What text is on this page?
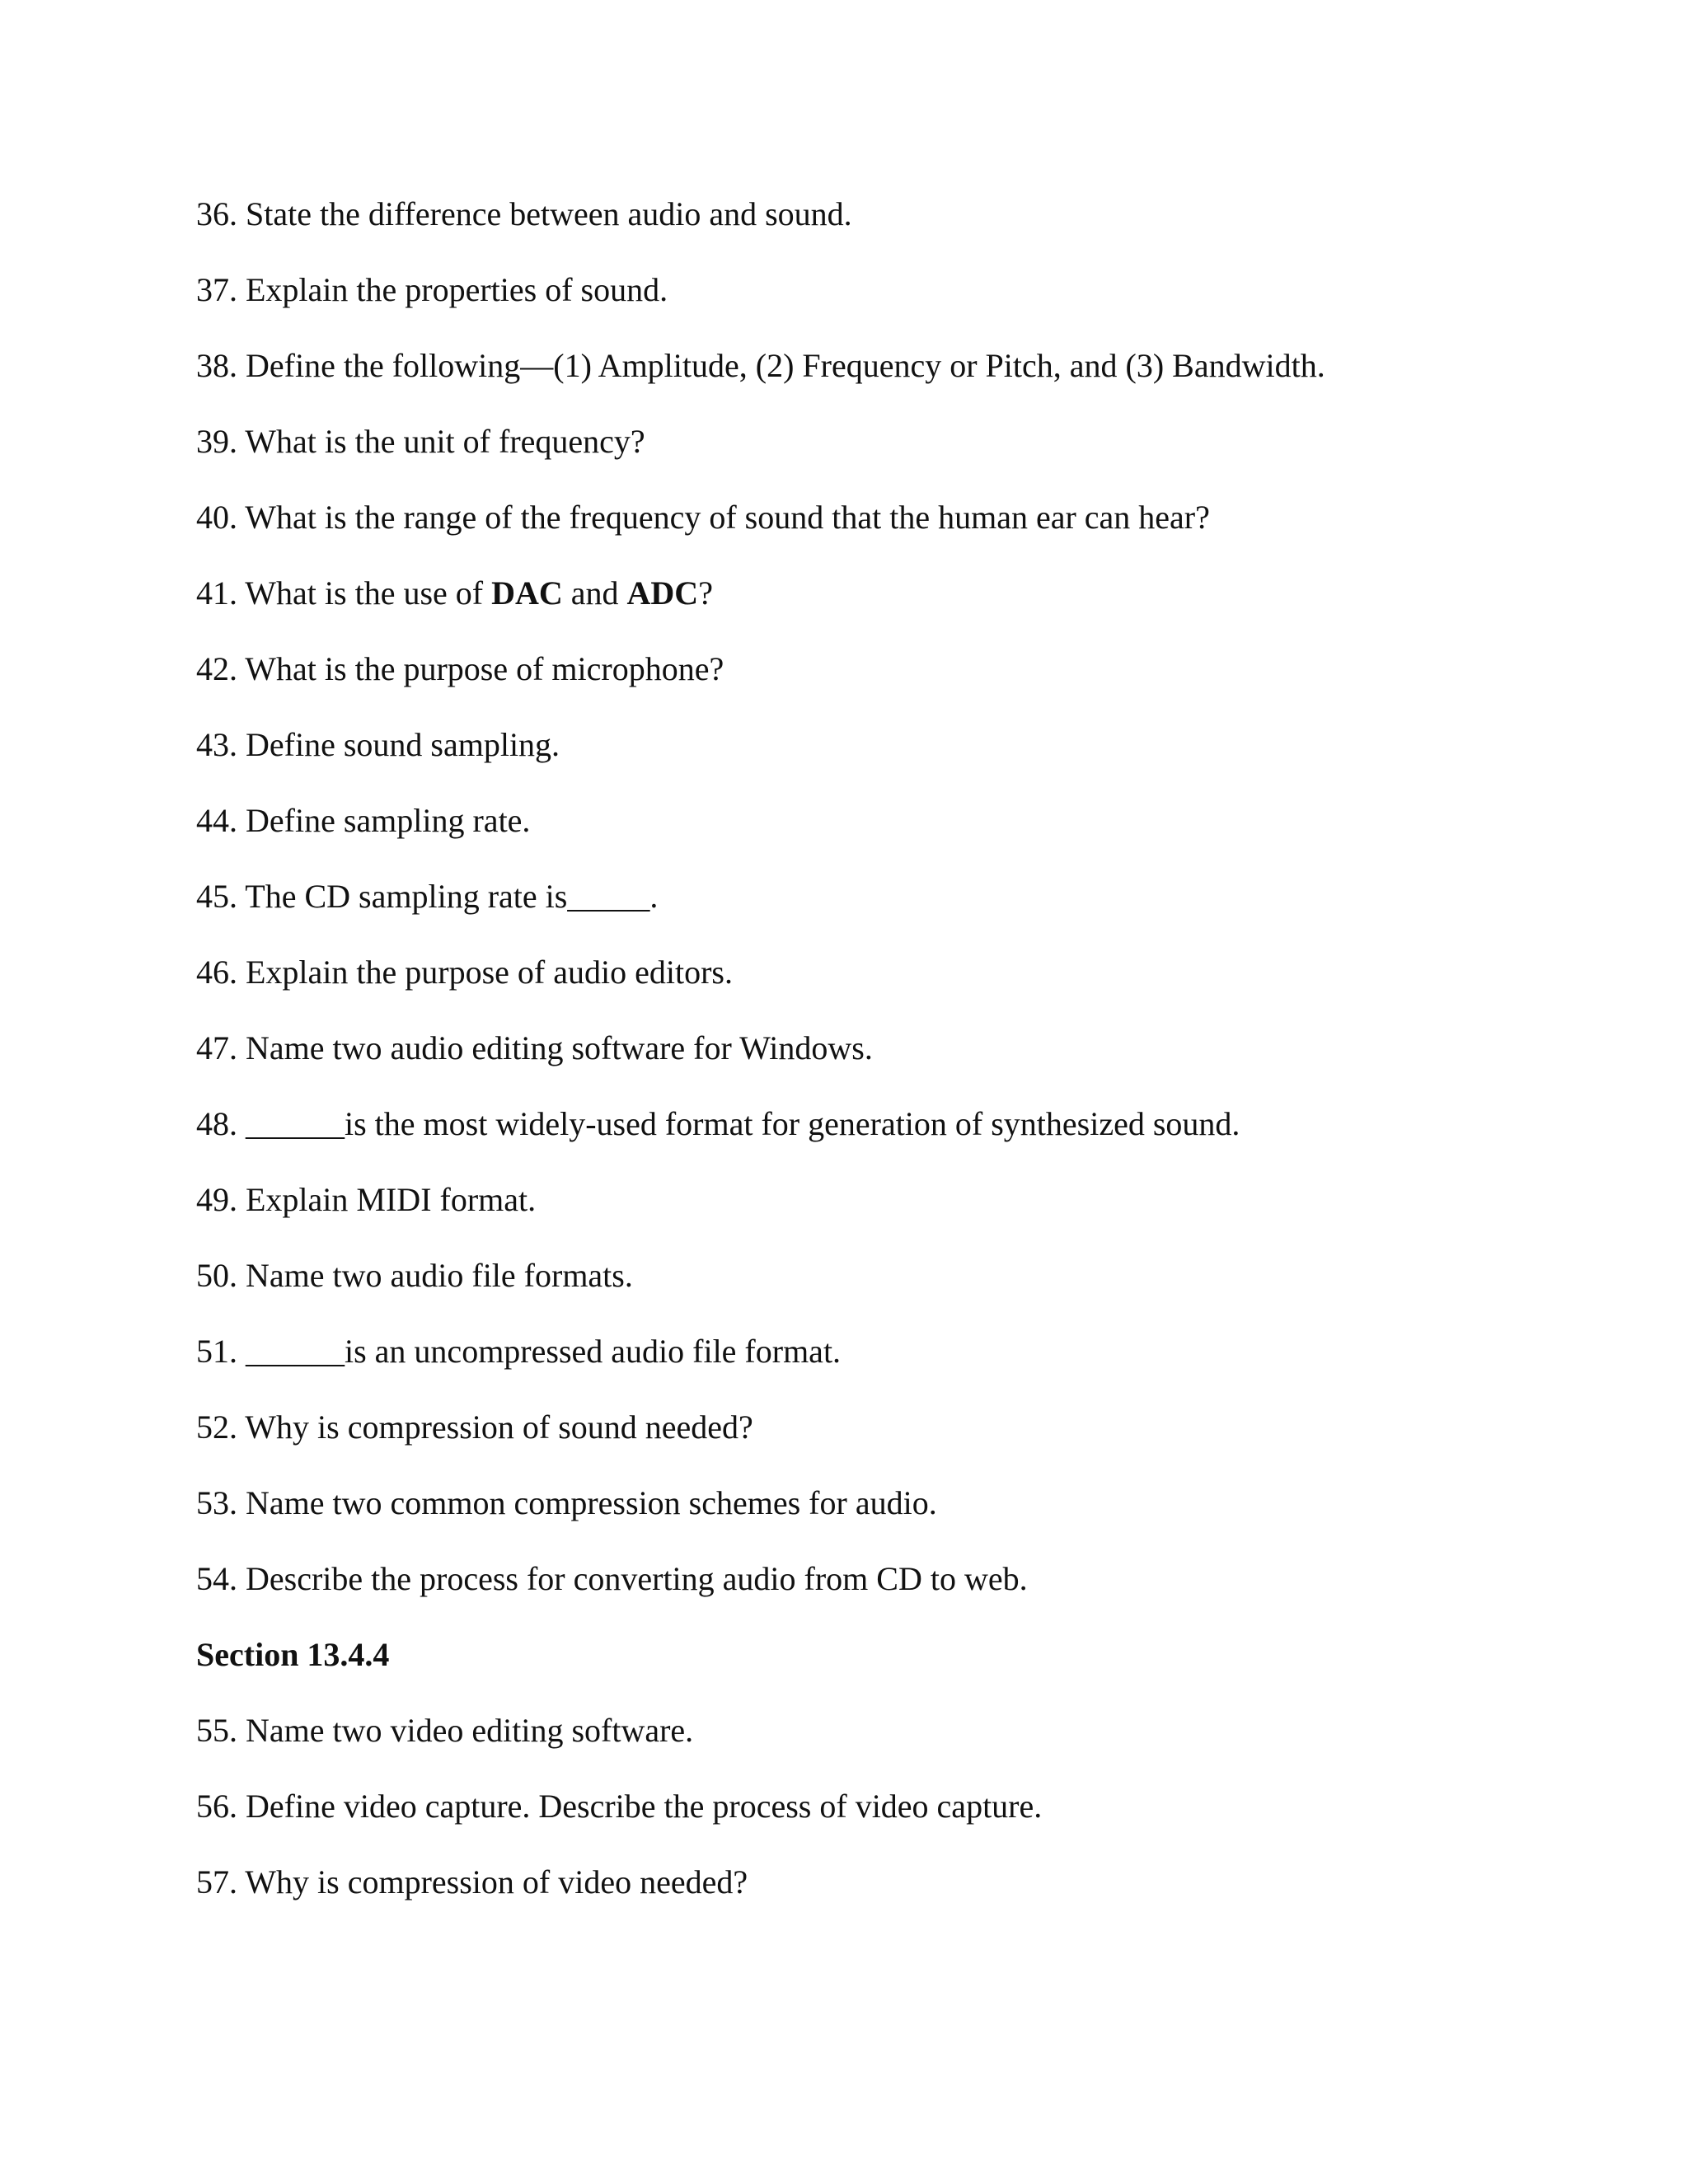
36. State the difference between audio and sound.
37. Explain the properties of sound.
38. Define the following—(1) Amplitude, (2) Frequency or Pitch, and (3) Bandwidth.
39. What is the unit of frequency?
40. What is the range of the frequency of sound that the human ear can hear?
41. What is the use of DAC and ADC?
42. What is the purpose of microphone?
43. Define sound sampling.
44. Define sampling rate.
45. The CD sampling rate is_____.
46. Explain the purpose of audio editors.
47. Name two audio editing software for Windows.
48. ______is the most widely-used format for generation of synthesized sound.
49. Explain MIDI format.
50. Name two audio file formats.
51. ______is an uncompressed audio file format.
52. Why is compression of sound needed?
53. Name two common compression schemes for audio.
54. Describe the process for converting audio from CD to web.
Section 13.4.4
55. Name two video editing software.
56. Define video capture. Describe the process of video capture.
57. Why is compression of video needed?
